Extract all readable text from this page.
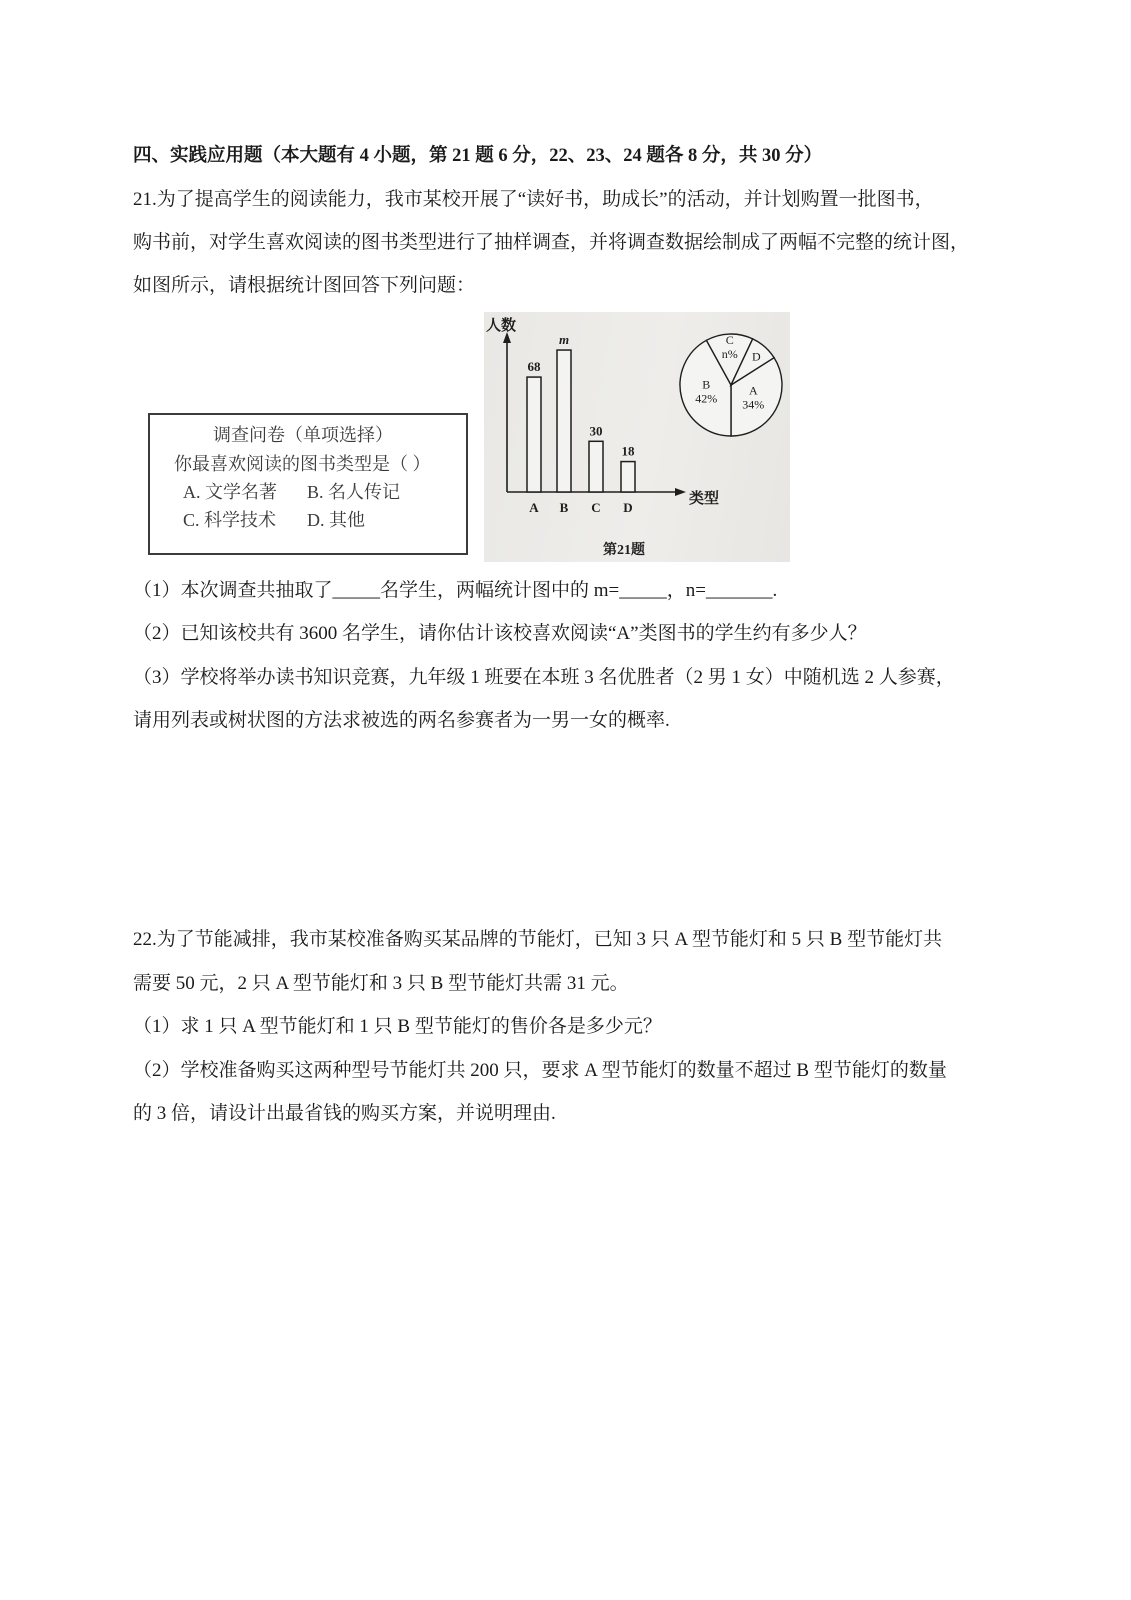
四、实践应用题（本大题有 4 小题，第 21 题 6 分，22、23、24 题各 8 分，共 30 分）
21.为了提高学生的阅读能力，我市某校开展了“读好书，助成长”的活动，并计划购置一批图书，
购书前，对学生喜欢阅读的图书类型进行了抽样调查，并将调查数据绘制成了两幅不完整的统计图，
如图所示，请根据统计图回答下列问题：
调查问卷（单项选择）
你最喜欢阅读的图书类型是（ ）
A. 文学名著 B. 名人传记
C. 科学技术 D. 其他
第21题
人数
类型
68
A
m
B
30
C
18
D
A
34%
B
42%
C
n% D
（1）本次调查共抽取了_____名学生，两幅统计图中的 m=_____，n=_______.
（2）已知该校共有 3600 名学生，请你估计该校喜欢阅读“A”类图书的学生约有多少人？
（3）学校将举办读书知识竞赛，九年级 1 班要在本班 3 名优胜者（2 男 1 女）中随机选 2 人参赛，
请用列表或树状图的方法求被选的两名参赛者为一男一女的概率.
22.为了节能减排，我市某校准备购买某品牌的节能灯，已知 3 只 A 型节能灯和 5 只 B 型节能灯共
需要 50 元，2 只 A 型节能灯和 3 只 B 型节能灯共需 31 元。
（1）求 1 只 A 型节能灯和 1 只 B 型节能灯的售价各是多少元？
（2）学校准备购买这两种型号节能灯共 200 只，要求 A 型节能灯的数量不超过 B 型节能灯的数量
的 3 倍，请设计出最省钱的购买方案，并说明理由.
